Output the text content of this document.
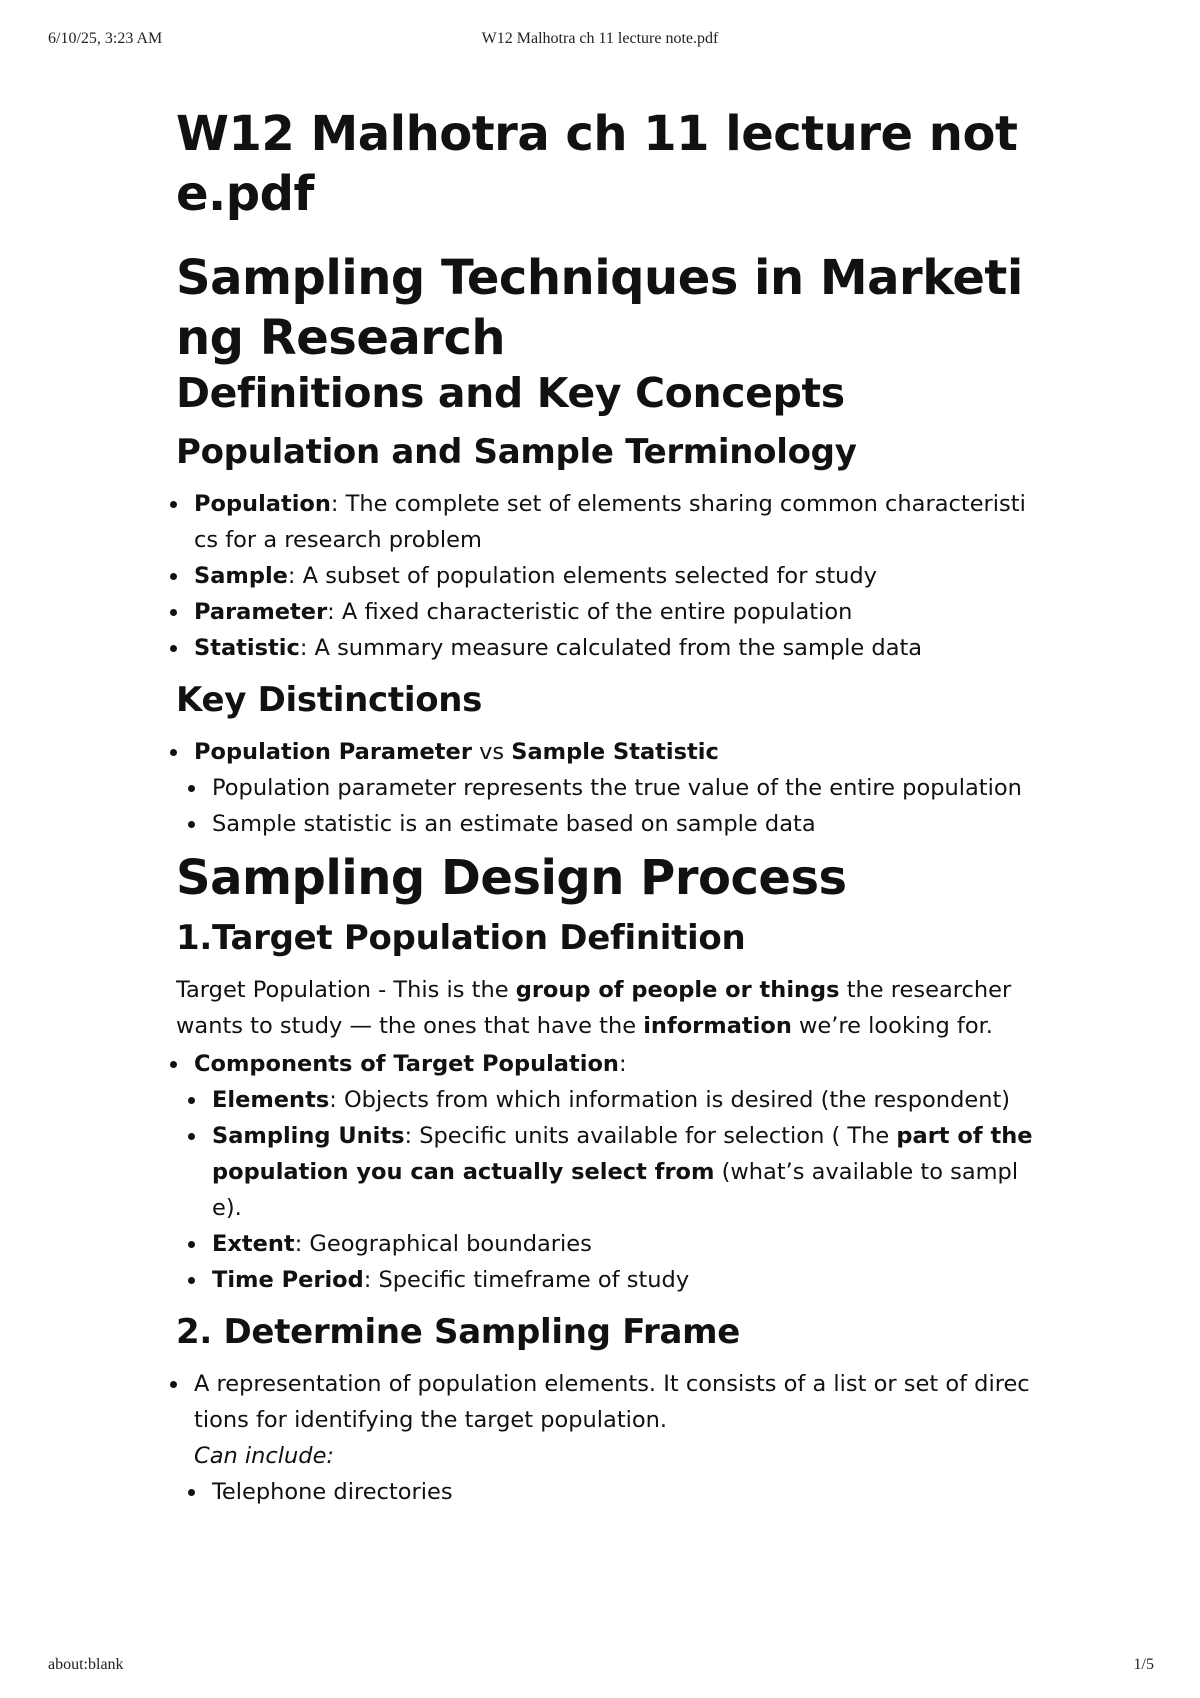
6/10/25, 3:23 AM	W12 Malhotra ch 11 lecture note.pdf
W12 Malhotra ch 11 lecture note.pdf
Sampling Techniques in Marketing Research
Definitions and Key Concepts
Population and Sample Terminology
Population: The complete set of elements sharing common characteristics for a research problem
Sample: A subset of population elements selected for study
Parameter: A fixed characteristic of the entire population
Statistic: A summary measure calculated from the sample data
Key Distinctions
Population Parameter vs Sample Statistic
Population parameter represents the true value of the entire population
Sample statistic is an estimate based on sample data
Sampling Design Process
1.Target Population Definition

Target Population - This is the group of people or things the researcher wants to study — the ones that have the information we’re looking for.

Components of Target Population:
Elements: Objects from which information is desired (the respondent)
Sampling Units: Specific units available for selection ( The part of the population you can actually select from (what’s available to sample).
Extent: Geographical boundaries
Time Period: Specific timeframe of study
2. Determine Sampling Frame
A representation of population elements. It consists of a list or set of directions for identifying the target population.
Can include:
Telephone directories
about:blank	1/5
